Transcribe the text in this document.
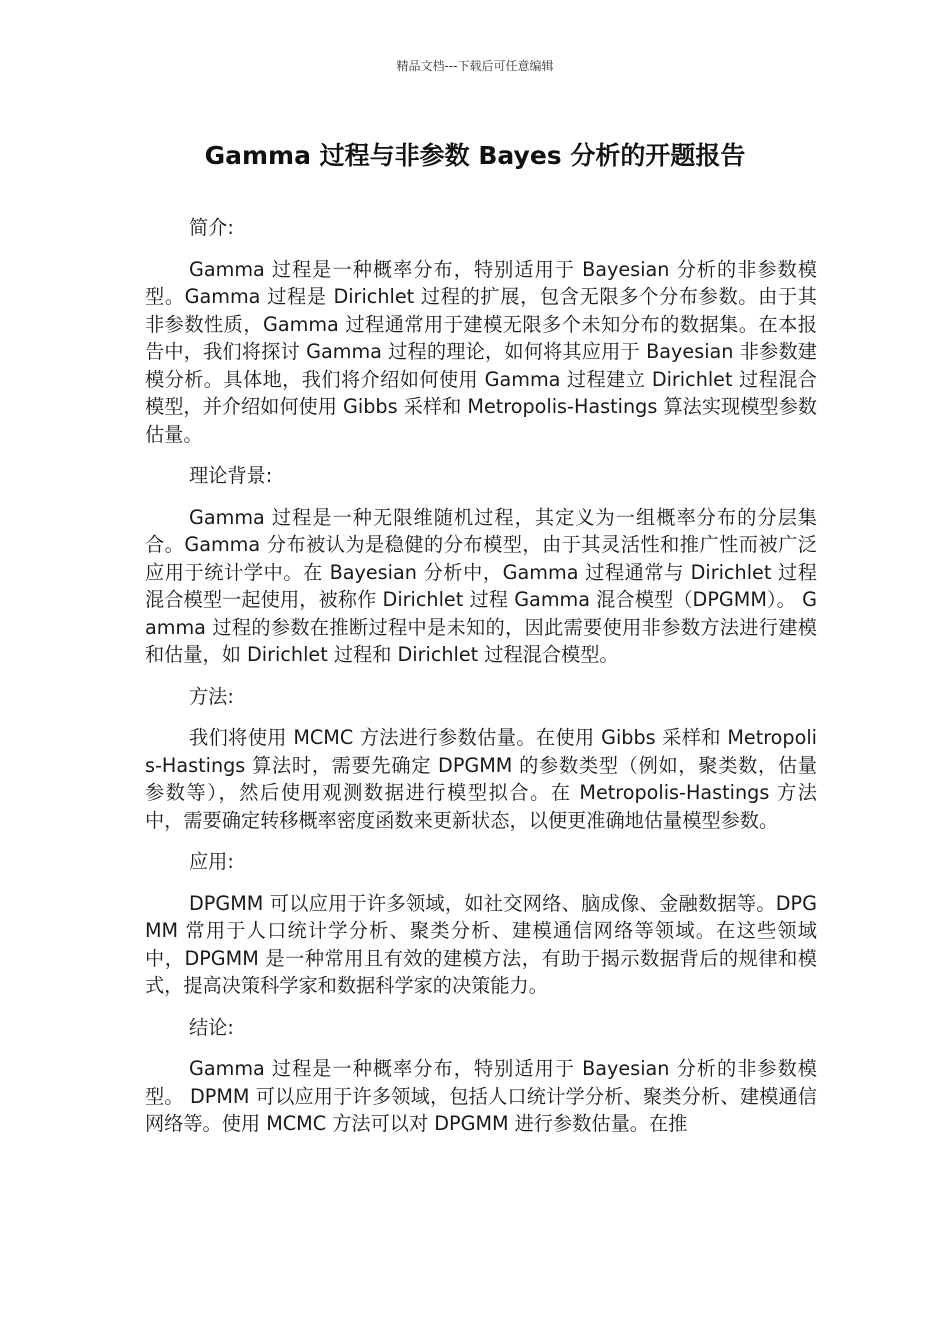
精品文档---下载后可任意编辑
Gamma 过程与非参数 Bayes 分析的开题报告

简介:

Gamma 过程是一种概率分布，特别适用于 Bayesian 分析的非参数模型。Gamma 过程是 Dirichlet 过程的扩展，包含无限多个分布参数。由于其非参数性质，Gamma 过程通常用于建模无限多个未知分布的数据集。在本报告中，我们将探讨 Gamma 过程的理论，如何将其应用于 Bayesian 非参数建模分析。具体地，我们将介绍如何使用 Gamma 过程建立 Dirichlet 过程混合模型，并介绍如何使用 Gibbs 采样和 Metropolis-Hastings 算法实现模型参数估量。

理论背景:

Gamma 过程是一种无限维随机过程，其定义为一组概率分布的分层集合。Gamma 分布被认为是稳健的分布模型，由于其灵活性和推广性而被广泛应用于统计学中。在 Bayesian 分析中，Gamma 过程通常与 Dirichlet 过程混合模型一起使用，被称作 Dirichlet 过程 Gamma 混合模型（DPGMM）。 Gamma 过程的参数在推断过程中是未知的，因此需要使用非参数方法进行建模和估量，如 Dirichlet 过程和 Dirichlet 过程混合模型。

方法:

我们将使用 MCMC 方法进行参数估量。在使用 Gibbs 采样和 Metropolis-Hastings 算法时，需要先确定 DPGMM 的参数类型（例如，聚类数，估量参数等），然后使用观测数据进行模型拟合。在 Metropolis-Hastings 方法中，需要确定转移概率密度函数来更新状态，以便更准确地估量模型参数。

应用:

DPGMM 可以应用于许多领域，如社交网络、脑成像、金融数据等。DPGMM 常用于人口统计学分析、聚类分析、建模通信网络等领域。在这些领域中，DPGMM 是一种常用且有效的建模方法，有助于揭示数据背后的规律和模式，提高决策科学家和数据科学家的决策能力。

结论:

Gamma 过程是一种概率分布，特别适用于 Bayesian 分析的非参数模型。 DPMM 可以应用于许多领域，包括人口统计学分析、聚类分析、建模通信网络等。使用 MCMC 方法可以对 DPGMM 进行参数估量。在推
